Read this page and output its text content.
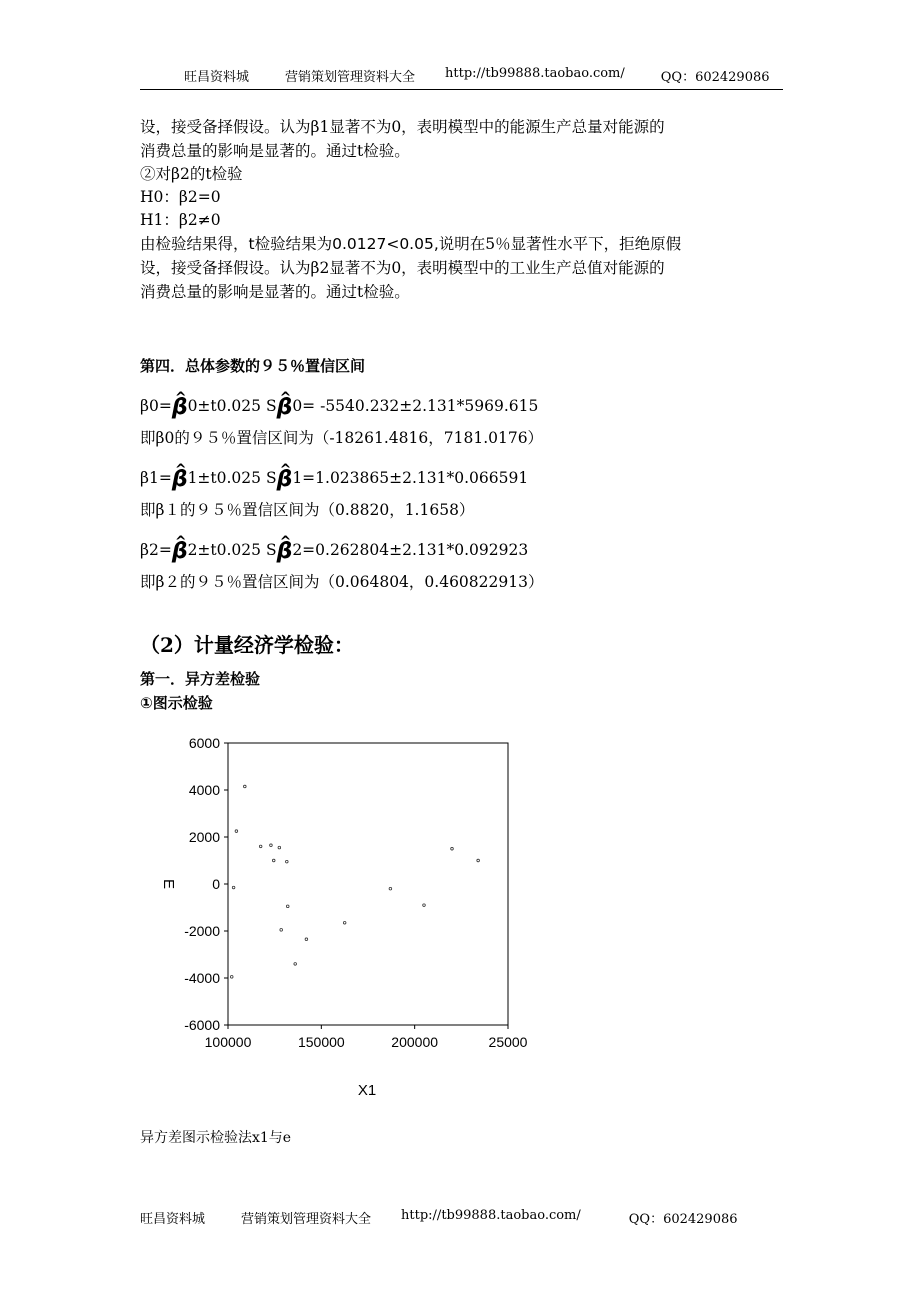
旺昌资料城	营销策划管理资料大全 http://tb99888.taobao.com/	QQ：602429086
设，接受备择假设。认为β1显著不为0，表明模型中的能源生产总量对能源的
消费总量的影响是显著的。通过t检验。
②对β2的t检验
H0：β2=0
H1：β2≠0
由检验结果得，t检验结果为0.0127<0.05,说明在5％显著性水平下，拒绝原假
设，接受备择假设。认为β2显著不为0，表明模型中的工业生产总值对能源的
消费总量的影响是显著的。通过t检验。
第四．总体参数的９５％置信区间
β0=^ β0±t0.025 S^ β0= -5540.232±2.131*5969.615
即β0的９５％置信区间为（-18261.4816，7181.0176）
β1=^ β1±t0.025 S^ β1=1.023865±2.131*0.066591
即β１的９５％置信区间为（0.8820，1.1658）
β2=^ β2±t0.025 S^ β2=0.262804±2.131*0.092923
即β２的９５％置信区间为（0.064804，0.460822913）
（2）计量经济学检验：
第一．异方差检验
①图示检验
6000
4000
2000
0
-2000
-4000
-6000
100000	150000	200000	25000
E
X1
异方差图示检验法x1与e
旺昌资料城	营销策划管理资料大全 http://tb99888.taobao.com/	QQ：602429086
